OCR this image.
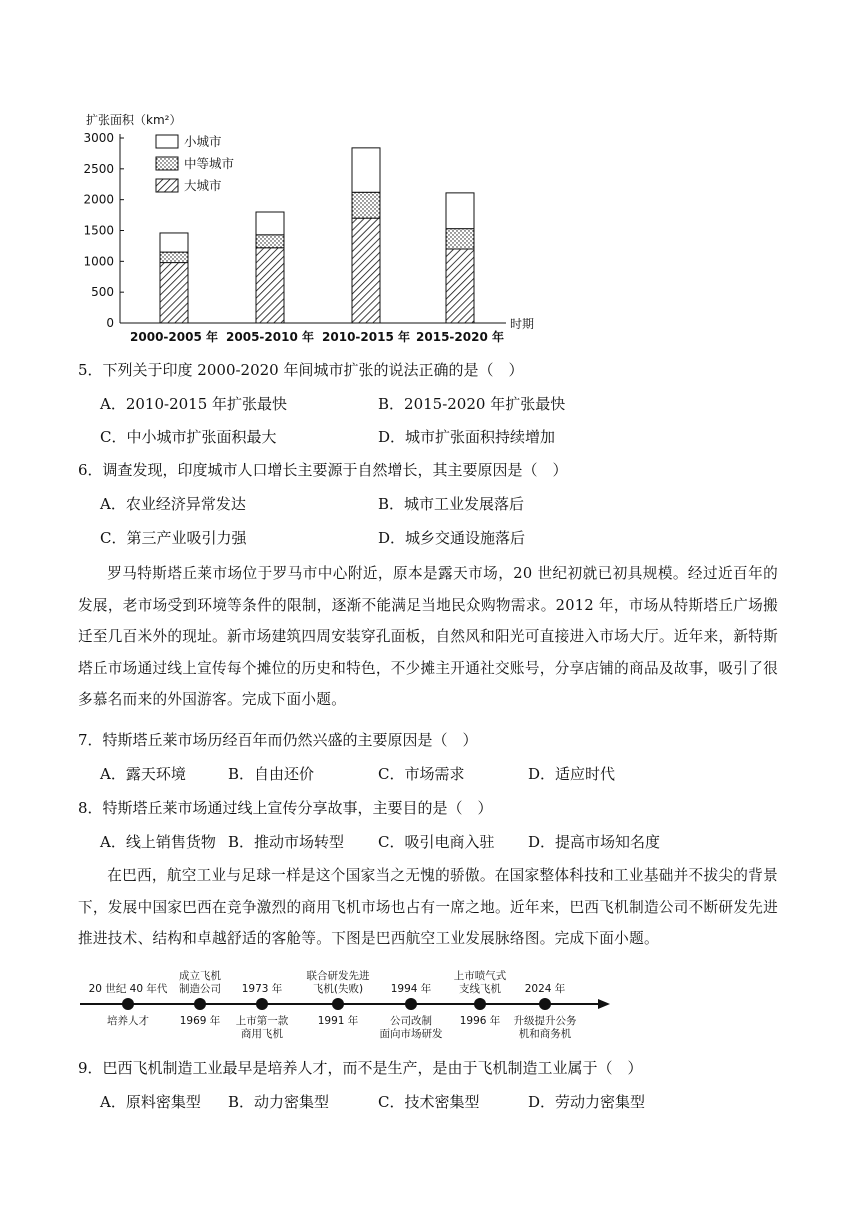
扩张面积（km²）
时期
0
500
1000
1500
2000
2500
3000
2000-2005 年 2005-2010 年 2010-2015 年 2015-2020 年
小城市
中等城市
大城市
5．下列关于印度 2000-2020 年间城市扩张的说法正确的是（　）
A．2010-2015 年扩张最快	B．2015-2020 年扩张最快
C．中小城市扩张面积最大	D．城市扩张面积持续增加
6．调查发现，印度城市人口增长主要源于自然增长，其主要原因是（　）
A．农业经济异常发达	B．城市工业发展落后
C．第三产业吸引力强	D．城乡交通设施落后
罗马特斯塔丘莱市场位于罗马市中心附近，原本是露天市场，20 世纪初就已初具规模。经过近百年的发展，老市场受到环境等条件的限制，逐渐不能满足当地民众购物需求。2012 年，市场从特斯塔丘广场搬迁至几百米外的现址。新市场建筑四周安装穿孔面板，自然风和阳光可直接进入市场大厅。近年来，新特斯塔丘市场通过线上宣传每个摊位的历史和特色，不少摊主开通社交账号，分享店铺的商品及故事，吸引了很多慕名而来的外国游客。完成下面小题。
7．特斯塔丘莱市场历经百年而仍然兴盛的主要原因是（　）
A．露天环境	B．自由还价	C．市场需求	D．适应时代
8．特斯塔丘莱市场通过线上宣传分享故事，主要目的是（　）
A．线上销售货物 B．推动市场转型 C．吸引电商入驻 D．提高市场知名度
在巴西，航空工业与足球一样是这个国家当之无愧的骄傲。在国家整体科技和工业基础并不拔尖的背景下，发展中国家巴西在竞争激烈的商用飞机市场也占有一席之地。近年来，巴西飞机制造公司不断研发先进推进技术、结构和卓越舒适的客舱等。下图是巴西航空工业发展脉络图。完成下面小题。
20 世纪 40 年代
培养人才
成立飞机
制造公司
1969 年
1973 年
上市第一款
商用飞机
联合研发先进
飞机(失败)
1991 年
1994 年
公司改制
面向市场研发
上市喷气式
支线飞机
1996 年
2024 年
升级提升公务
机和商务机
9．巴西飞机制造工业最早是培养人才，而不是生产，是由于飞机制造工业属于（　）
A．原料密集型 B．动力密集型	C．技术密集型	D．劳动力密集型
